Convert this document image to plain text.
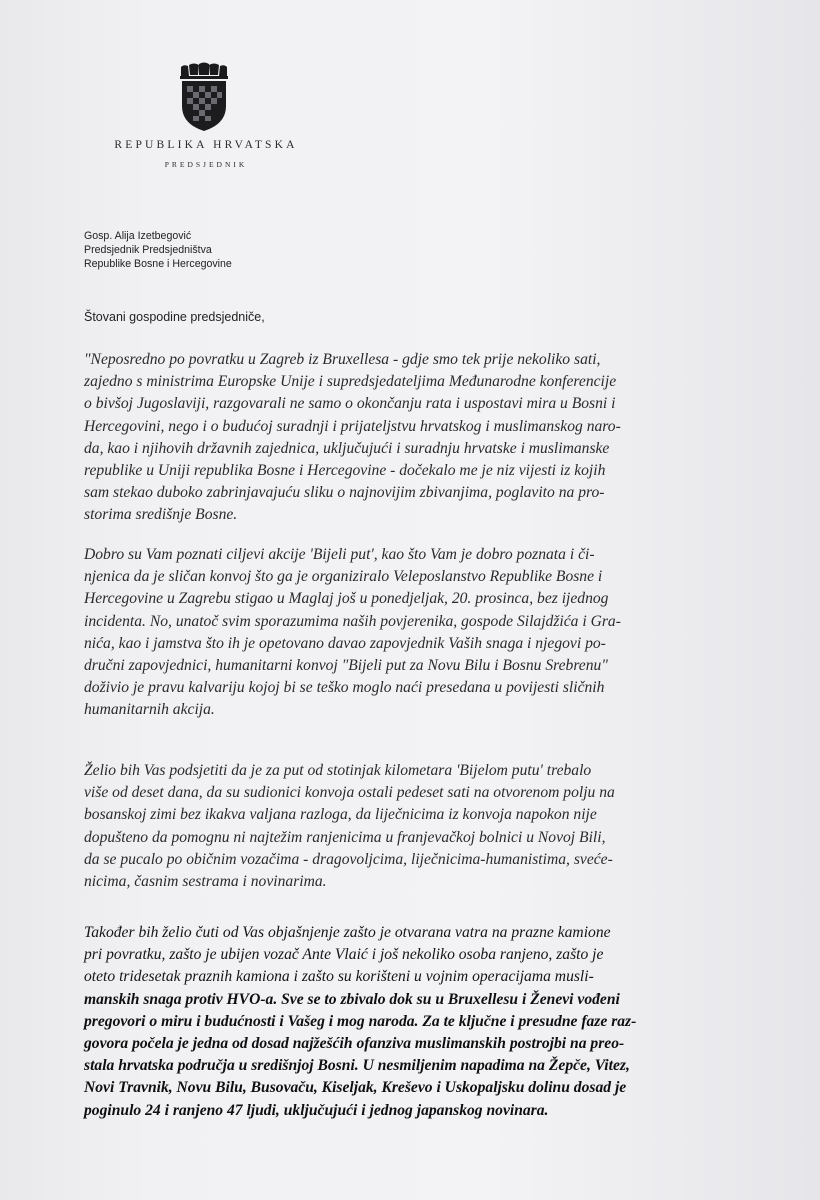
REPUBLIKA HRVATSKA
PREDSJEDNIK
Gosp. Alija Izetbegović
Predsjednik Predsjedništva
Republike Bosne i Hercegovine
Štovani gospodine predsjedniče,
"Neposredno po povratku u Zagreb iz Bruxellesa - gdje smo tek prije nekoliko sati,
zajedno s ministrima Europske Unije i supredsjedateljima Međunarodne konferencije
o bivšoj Jugoslaviji, razgovarali ne samo o okončanju rata i uspostavi mira u Bosni i
Hercegovini, nego i o budućoj suradnji i prijateljstvu hrvatskog i muslimanskog naro-
da, kao i njihovih državnih zajednica, uključujući i suradnju hrvatske i muslimanske
republike u Uniji republika Bosne i Hercegovine - dočekalo me je niz vijesti iz kojih
sam stekao duboko zabrinjavajuću sliku o najnovijim zbivanjima, poglavito na pro-
storima središnje Bosne.
Dobro su Vam poznati ciljevi akcije 'Bijeli put', kao što Vam je dobro poznata i či-
njenica da je sličan konvoj što ga je organiziralo Veleposlanstvo Republike Bosne i
Hercegovine u Zagrebu stigao u Maglaj još u ponedjeljak, 20. prosinca, bez ijednog
incidenta. No, unatoč svim sporazumima naših povjerenika, gospode Silajdžića i Gra-
nića, kao i jamstva što ih je opetovano davao zapovjednik Vaših snaga i njegovi po-
dručni zapovjednici, humanitarni konvoj "Bijeli put za Novu Bilu i Bosnu Srebrenu"
doživio je pravu kalvariju kojoj bi se teško moglo naći presedana u povijesti sličnih
humanitarnih akcija.
Želio bih Vas podsjetiti da je za put od stotinjak kilometara 'Bijelom putu' trebalo
više od deset dana, da su sudionici konvoja ostali pedeset sati na otvorenom polju na
bosanskoj zimi bez ikakva valjana razloga, da liječnicima iz konvoja napokon nije
dopušteno da pomognu ni najtežim ranjenicima u franjevačkoj bolnici u Novoj Bili,
da se pucalo po običnim vozačima - dragovoljcima, liječnicima-humanistima, sveće-
nicima, časnim sestrama i novinarima.
Također bih želio čuti od Vas objašnjenje zašto je otvarana vatra na prazne kamione
pri povratku, zašto je ubijen vozač Ante Vlaić i još nekoliko osoba ranjeno, zašto je
oteto tridesetak praznih kamiona i zašto su korišteni u vojnim operacijama musli-
manskih snaga protiv HVO-a. Sve se to zbivalo dok su u Bruxellesu i Ženevi vođeni
pregovori o miru i budućnosti i Vašeg i mog naroda. Za te ključne i presudne faze raz-
govora počela je jedna od dosad najžešćih ofanziva muslimanskih postrojbi na preo-
stala hrvatska područja u središnjoj Bosni. U nesmiljenim napadima na Žepče, Vitez,
Novi Travnik, Novu Bilu, Busovaču, Kiseljak, Kreševo i Uskopaljsku dolinu dosad je
poginulo 24 i ranjeno 47 ljudi, uključujući i jednog japanskog novinara.
